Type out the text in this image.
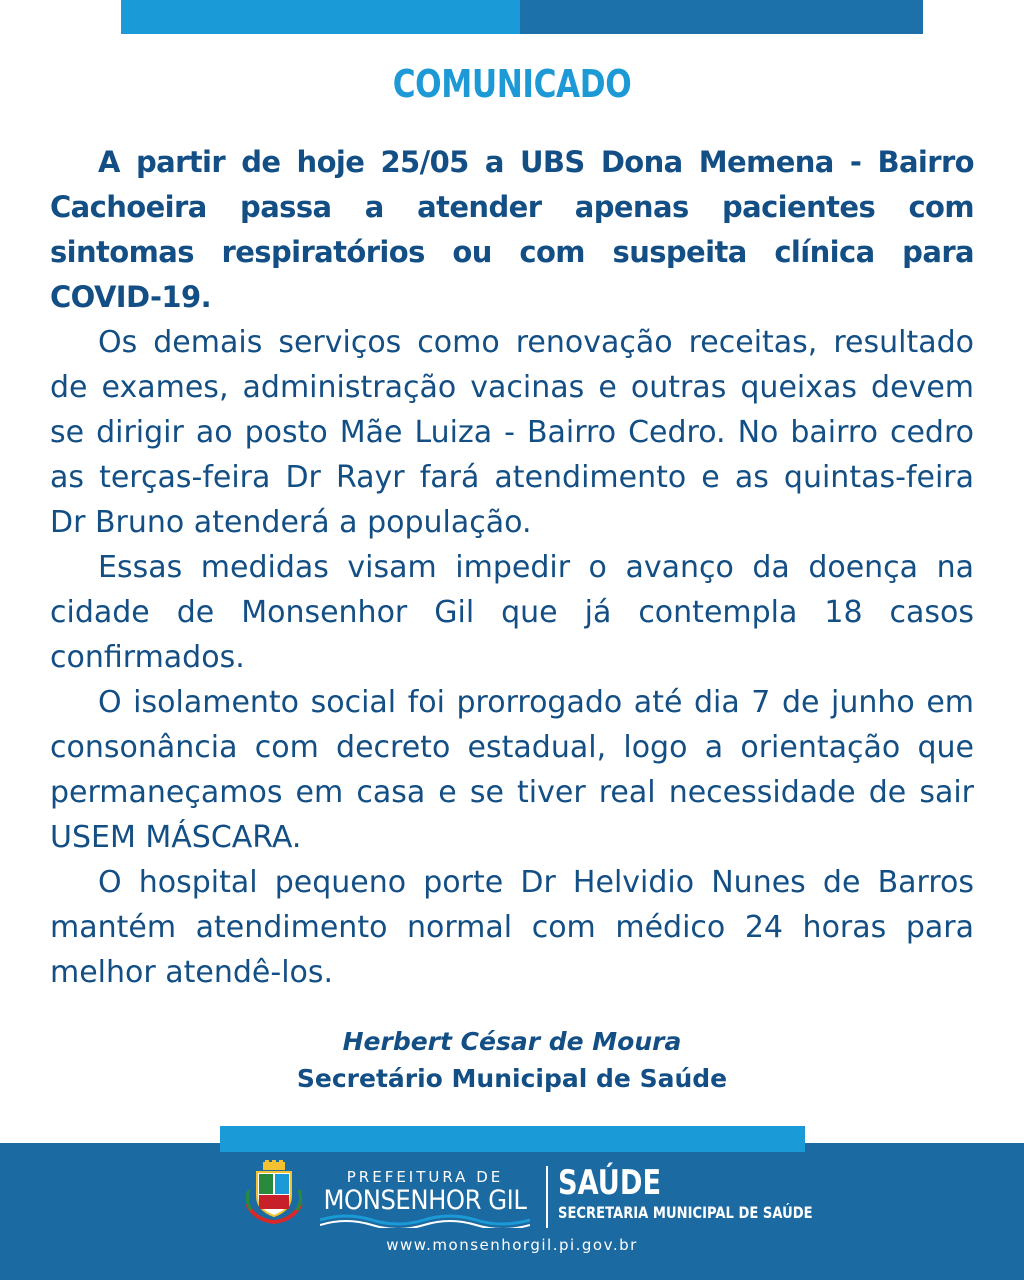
COMUNICADO

A partir de hoje 25/05 a UBS Dona Memena - Bairro Cachoeira passa a atender apenas pacientes com sintomas respiratórios ou com suspeita clínica para COVID-19.

Os demais serviços como renovação receitas, resultado de exames, administração vacinas e outras queixas devem se dirigir ao posto Mãe Luiza - Bairro Cedro. No bairro cedro as terças-feira Dr Rayr fará atendimento e as quintas-feira Dr Bruno atenderá a população.

Essas medidas visam impedir o avanço da doença na cidade de Monsenhor Gil que já contempla 18 casos confirmados.

O isolamento social foi prorrogado até dia 7 de junho em consonância com decreto estadual, logo a orientação que permaneçamos em casa e se tiver real necessidade de sair USEM MÁSCARA.

O hospital pequeno porte Dr Helvidio Nunes de Barros mantém atendimento normal com médico 24 horas para melhor atendê-los.

Herbert César de Moura
Secretário Municipal de Saúde
PREFEITURA DE
MONSENHOR GIL SAÚDE
SECRETARIA MUNICIPAL DE SAÚDE
www.monsenhorgil.pi.gov.br
